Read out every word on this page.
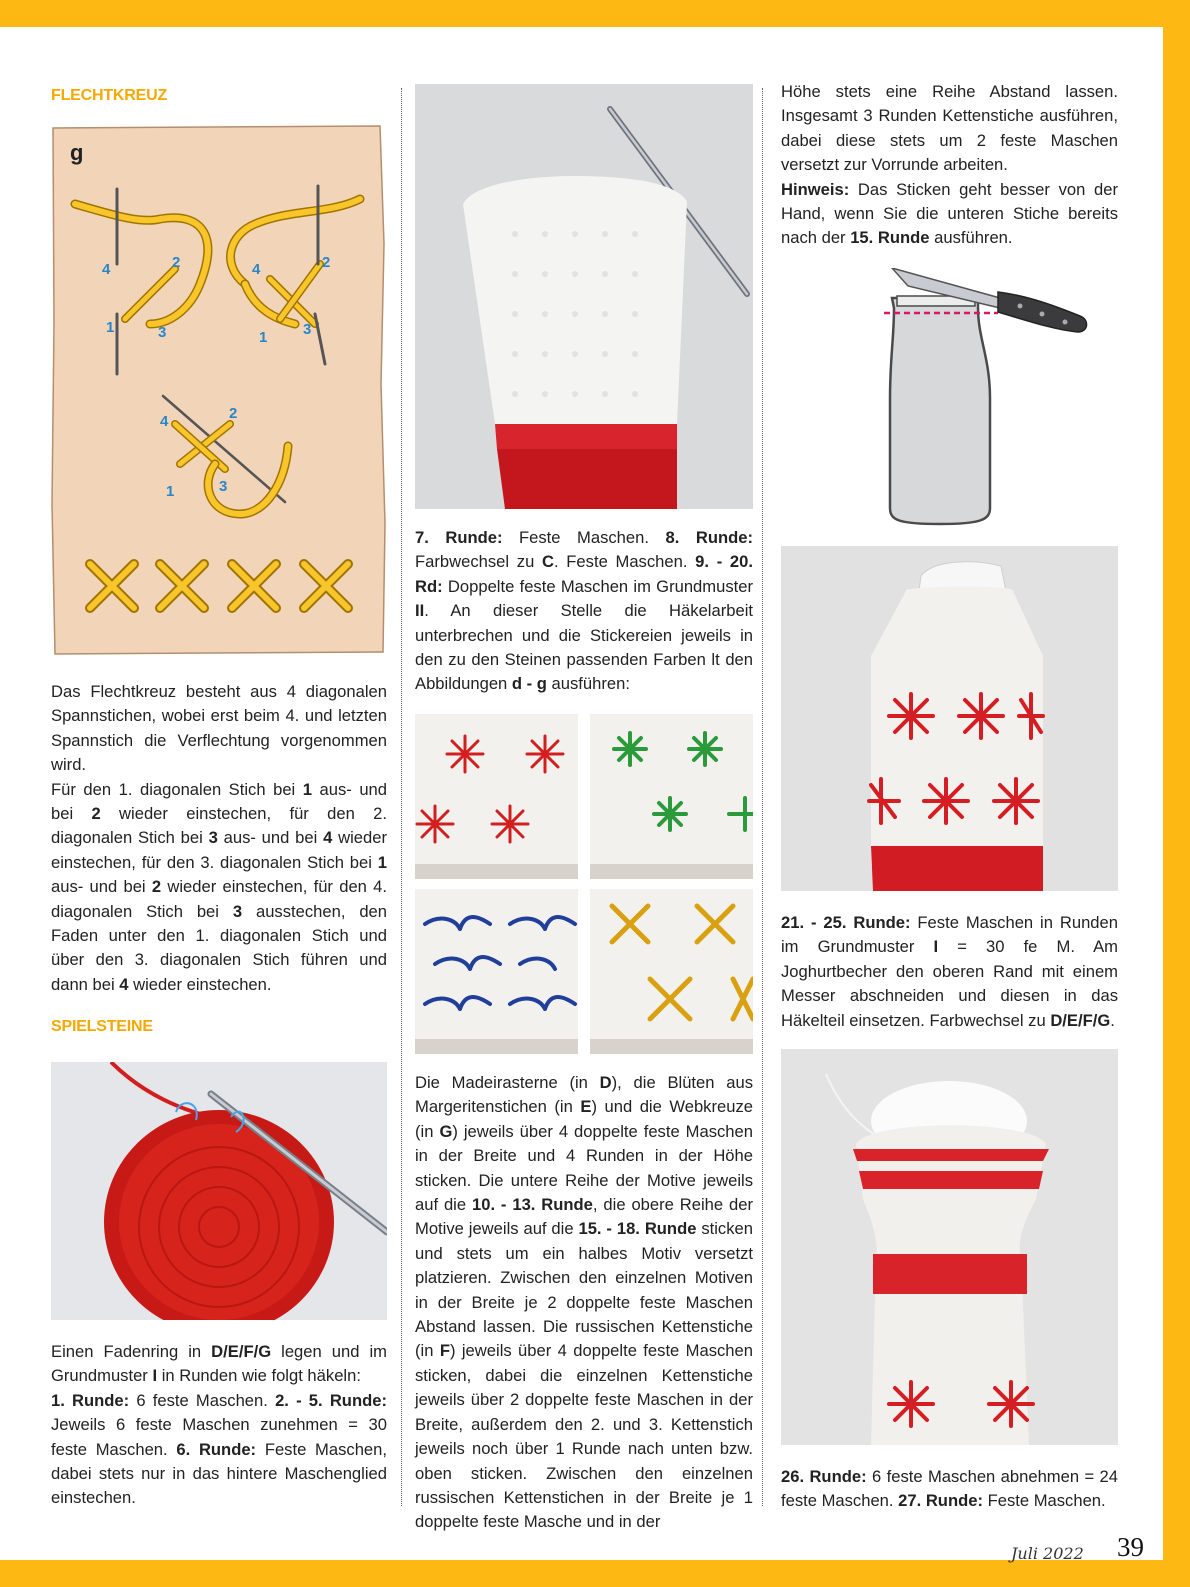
FLECHTKREUZ
g
4	2
1	3
4	2
1 3
4	2
1	3

Das Flechtkreuz besteht aus 4 diagonalen Spannstichen, wobei erst beim 4. und letzten Spannstich die Verflechtung vorgenommen wird.

Für den 1. diagonalen Stich bei 1 aus- und bei 2 wieder einstechen, für den 2. diagonalen Stich bei 3 aus- und bei 4 wieder einstechen, für den 3. diagonalen Stich bei 1 aus- und bei 2 wieder einstechen, für den 4. diagonalen Stich bei 3 ausstechen, den Faden unter den 1. diagonalen Stich und über den 3. diagonalen Stich führen und dann bei 4 wieder einstechen.

SPIELSTEINE

Einen Fadenring in D/E/F/G legen und im Grundmuster I in Runden wie folgt häkeln:

1. Runde: 6 feste Maschen. 2. - 5. Runde: Jeweils 6 feste Maschen zunehmen = 30 feste Maschen. 6. Runde: Feste Maschen, dabei stets nur in das hintere Maschenglied einstechen.

7. Runde: Feste Maschen. 8. Runde: Farbwechsel zu C. Feste Maschen. 9. - 20. Rd: Doppelte feste Maschen im Grundmuster II. An dieser Stelle die Häkelarbeit unterbrechen und die Stickereien jeweils in den zu den Steinen passenden Farben lt den Abbildungen d - g ausführen:

Die Madeirasterne (in D), die Blüten aus Margeritenstichen (in E) und die Webkreuze (in G) jeweils über 4 doppelte feste Maschen in der Breite und 4 Runden in der Höhe sticken. Die untere Reihe der Motive jeweils auf die 10. - 13. Runde, die obere Reihe der Motive jeweils auf die 15. - 18. Runde sticken und stets um ein halbes Motiv versetzt platzieren. Zwischen den einzelnen Motiven in der Breite je 2 doppelte feste Maschen Abstand lassen. Die russischen Kettenstiche (in F) jeweils über 4 doppelte feste Maschen sticken, dabei die einzelnen Kettenstiche jeweils über 2 doppelte feste Maschen in der Breite, außerdem den 2. und 3. Kettenstich jeweils noch über 1 Runde nach unten bzw. oben sticken. Zwischen den einzelnen russischen Kettenstichen in der Breite je 1 doppelte feste Masche und in der

Höhe stets eine Reihe Abstand lassen. Insgesamt 3 Runden Kettenstiche ausführen, dabei diese stets um 2 feste Maschen versetzt zur Vorrunde arbeiten.

Hinweis: Das Sticken geht besser von der Hand, wenn Sie die unteren Stiche bereits nach der 15. Runde ausführen.

21. - 25. Runde: Feste Maschen in Runden im Grundmuster I = 30 fe M. Am Joghurtbecher den oberen Rand mit einem Messer abschneiden und diesen in das Häkelteil einsetzen. Farbwechsel zu D/E/F/G.

26. Runde: 6 feste Maschen abnehmen = 24 feste Maschen. 27. Runde: Feste Maschen.

Juli 2022 39
